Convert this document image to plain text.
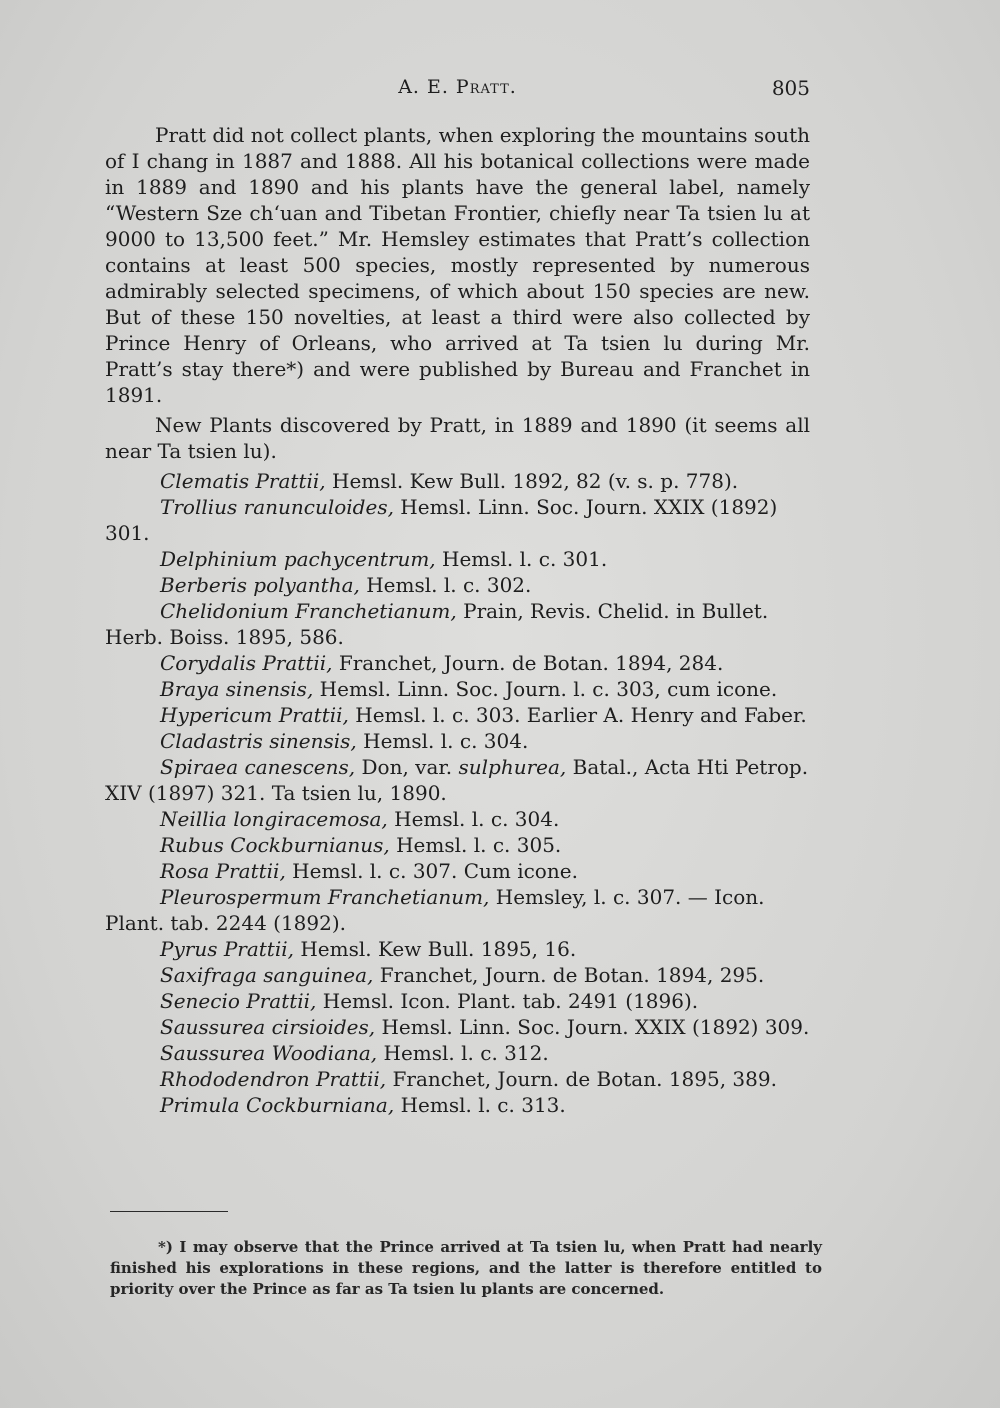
A. E. Pratt.	805

Pratt did not collect plants, when exploring the mountains south of I chang in 1887 and 1888. All his botanical collections were made in 1889 and 1890 and his plants have the general label, namely “Western Sze ch‘uan and Tibetan Frontier, chiefly near Ta tsien lu at 9000 to 13,500 feet.” Mr. Hemsley estimates that Pratt’s collection contains at least 500 species, mostly represented by numerous admirably selected specimens, of which about 150 species are new. But of these 150 novelties, at least a third were also collected by Prince Henry of Orleans, who arrived at Ta tsien lu during Mr. Pratt’s stay there*) and were published by Bureau and Franchet in 1891.

New Plants discovered by Pratt, in 1889 and 1890 (it seems all near Ta tsien lu).

Clematis Prattii, Hemsl. Kew Bull. 1892, 82 (v. s. p. 778).
Trollius ranunculoides, Hemsl. Linn. Soc. Journ. XXIX (1892) 301.
Delphinium pachycentrum, Hemsl. l. c. 301.
Berberis polyantha, Hemsl. l. c. 302.
Chelidonium Franchetianum, Prain, Revis. Chelid. in Bullet. Herb. Boiss. 1895, 586.
Corydalis Prattii, Franchet, Journ. de Botan. 1894, 284.
Braya sinensis, Hemsl. Linn. Soc. Journ. l. c. 303, cum icone.
Hypericum Prattii, Hemsl. l. c. 303. Earlier A. Henry and Faber.
Cladastris sinensis, Hemsl. l. c. 304.
Spiraea canescens, Don, var. sulphurea, Batal., Acta Hti Petrop. XIV (1897) 321. Ta tsien lu, 1890.
Neillia longiracemosa, Hemsl. l. c. 304.
Rubus Cockburnianus, Hemsl. l. c. 305.
Rosa Prattii, Hemsl. l. c. 307. Cum icone.
Pleurospermum Franchetianum, Hemsley, l. c. 307. — Icon. Plant. tab. 2244 (1892).
Pyrus Prattii, Hemsl. Kew Bull. 1895, 16.
Saxifraga sanguinea, Franchet, Journ. de Botan. 1894, 295.
Senecio Prattii, Hemsl. Icon. Plant. tab. 2491 (1896).
Saussurea cirsioides, Hemsl. Linn. Soc. Journ. XXIX (1892) 309.
Saussurea Woodiana, Hemsl. l. c. 312.
Rhododendron Prattii, Franchet, Journ. de Botan. 1895, 389.
Primula Cockburniana, Hemsl. l. c. 313.

*) I may observe that the Prince arrived at Ta tsien lu, when Pratt had nearly finished his explorations in these regions, and the latter is therefore entitled to priority over the Prince as far as Ta tsien lu plants are concerned.
